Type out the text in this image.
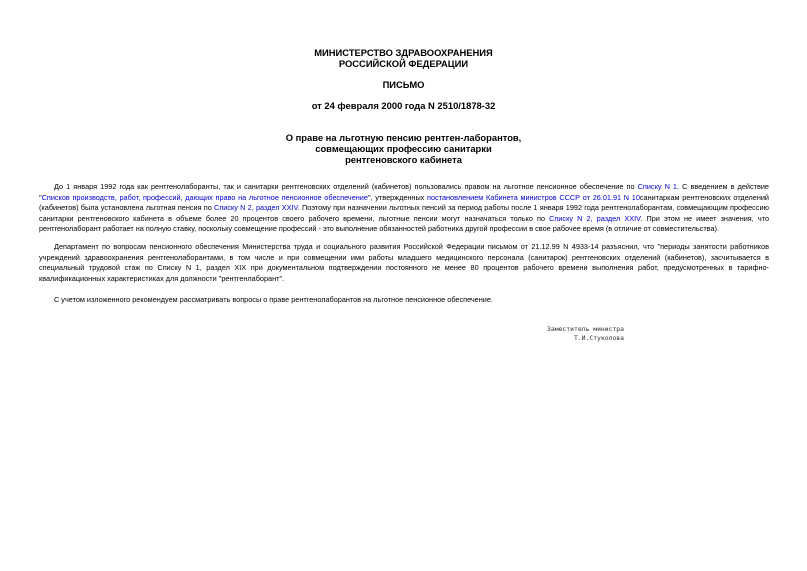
МИНИСТЕРСТВО ЗДРАВООХРАНЕНИЯ
РОССИЙСКОЙ ФЕДЕРАЦИИ
ПИСЬМО
от 24 февраля 2000 года N 2510/1878-32
О праве на льготную пенсию рентген-лаборантов,
совмещающих профессию санитарки
рентгеновского кабинета

До 1 января 1992 года как рентгенолаборанты, так и санитарки рентгеновских отделений (кабинетов) пользовались правом на льготное пенсионное обеспечение по Списку N 1. С введением в действие "Списков производств, работ, профессий, дающих право на льготное пенсионное обеспечение", утвержденных постановлением Кабинета министров СССР от 26.01.91 N 10санитаркам рентгеновских отделений (кабинетов) была установлена льготная пенсия по Списку N 2, раздел XXIV. Поэтому при назначении льготных пенсий за период работы после 1 января 1992 года рентгенолаборантам, совмещающим профессию санитарки рентгеновского кабинета в объеме более 20 процентов своего рабочего времени, льготные пенсии могут назначаться только по Списку N 2, раздел XXIV. При этом не имеет значения, что рентгенолаборант работает на полную ставку, поскольку совмещение профессий - это выполнение обязанностей работника другой профессии в свое рабочее время (в отличие от совместительства).

Департамент по вопросам пенсионного обеспечения Министерства труда и социального развития Российской Федерации письмом от 21.12.99 N 4933-14 разъяснил, что "периоды занятости работников учреждений здравоохранения рентгенолаборантами, в том числе и при совмещении ими работы младшего медицинского персонала (санитарок) рентгеновских отделений (кабинетов), засчитывается в специальный трудовой стаж по Списку N 1, раздел XIX при документальном подтверждении постоянного не менее 80 процентов рабочего времени выполнения работ, предусмотренных в тарифно-квалификационных характеристиках для должности "рентгенлаборант".

С учетом изложенного рекомендуем рассматривать вопросы о праве рентгенолаборантов на льготное пенсионное обеспечение.

Заместитель министра
Т.И.Стуколова
